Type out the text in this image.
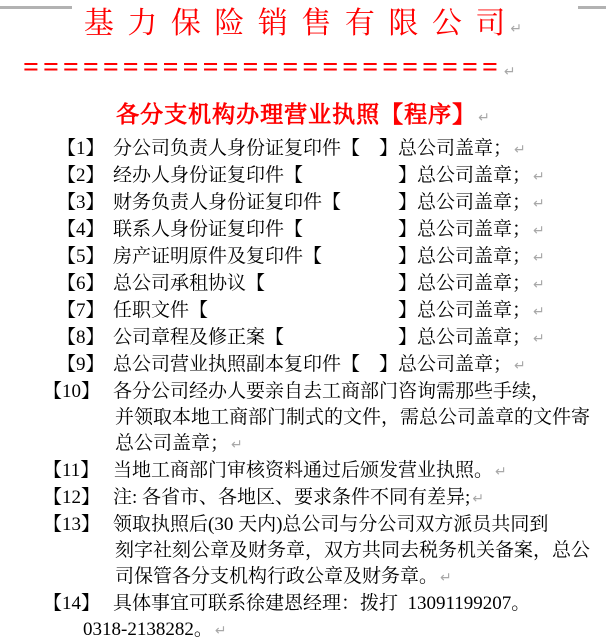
基 力 保 险 销 售 有 限 公 司 ↵
======================== ↵
各分支机构办理营业执照【程序】 ↵
【1】 分公司负责人身份证复印件【　】总公司盖章； ↵
【2】 经办人身份证复印件【　　　　　】总公司盖章； ↵
【3】 财务负责人身份证复印件【　　　】总公司盖章； ↵
【4】 联系人身份证复印件【　　　　　】总公司盖章； ↵
【5】 房产证明原件及复印件【　　　　】总公司盖章； ↵
【6】 总公司承租协议【　　　　　　　】总公司盖章； ↵
【7】 任职文件【　　　　　　　　　　】总公司盖章； ↵
【8】 公司章程及修正案【　　　　　　】总公司盖章； ↵
【9】 总公司营业执照副本复印件【　】总公司盖章； ↵
【10】 各分公司经办人要亲自去工商部门咨询需那些手续，
并领取本地工商部门制式的文件，需总公司盖章的文件寄
总公司盖章； ↵
【11】 当地工商部门审核资料通过后颁发营业执照。 ↵
【12】 注: 各省市、各地区、要求条件不同有差异; ↵
【13】 领取执照后(30 天内)总公司与分公司双方派员共同到
刻字社刻公章及财务章，双方共同去税务机关备案，总公
司保管各分支机构行政公章及财务章。 ↵
【14】 具体事宜可联系徐建恩经理：拨打  13091199207。
0318-2138282。 ↵
